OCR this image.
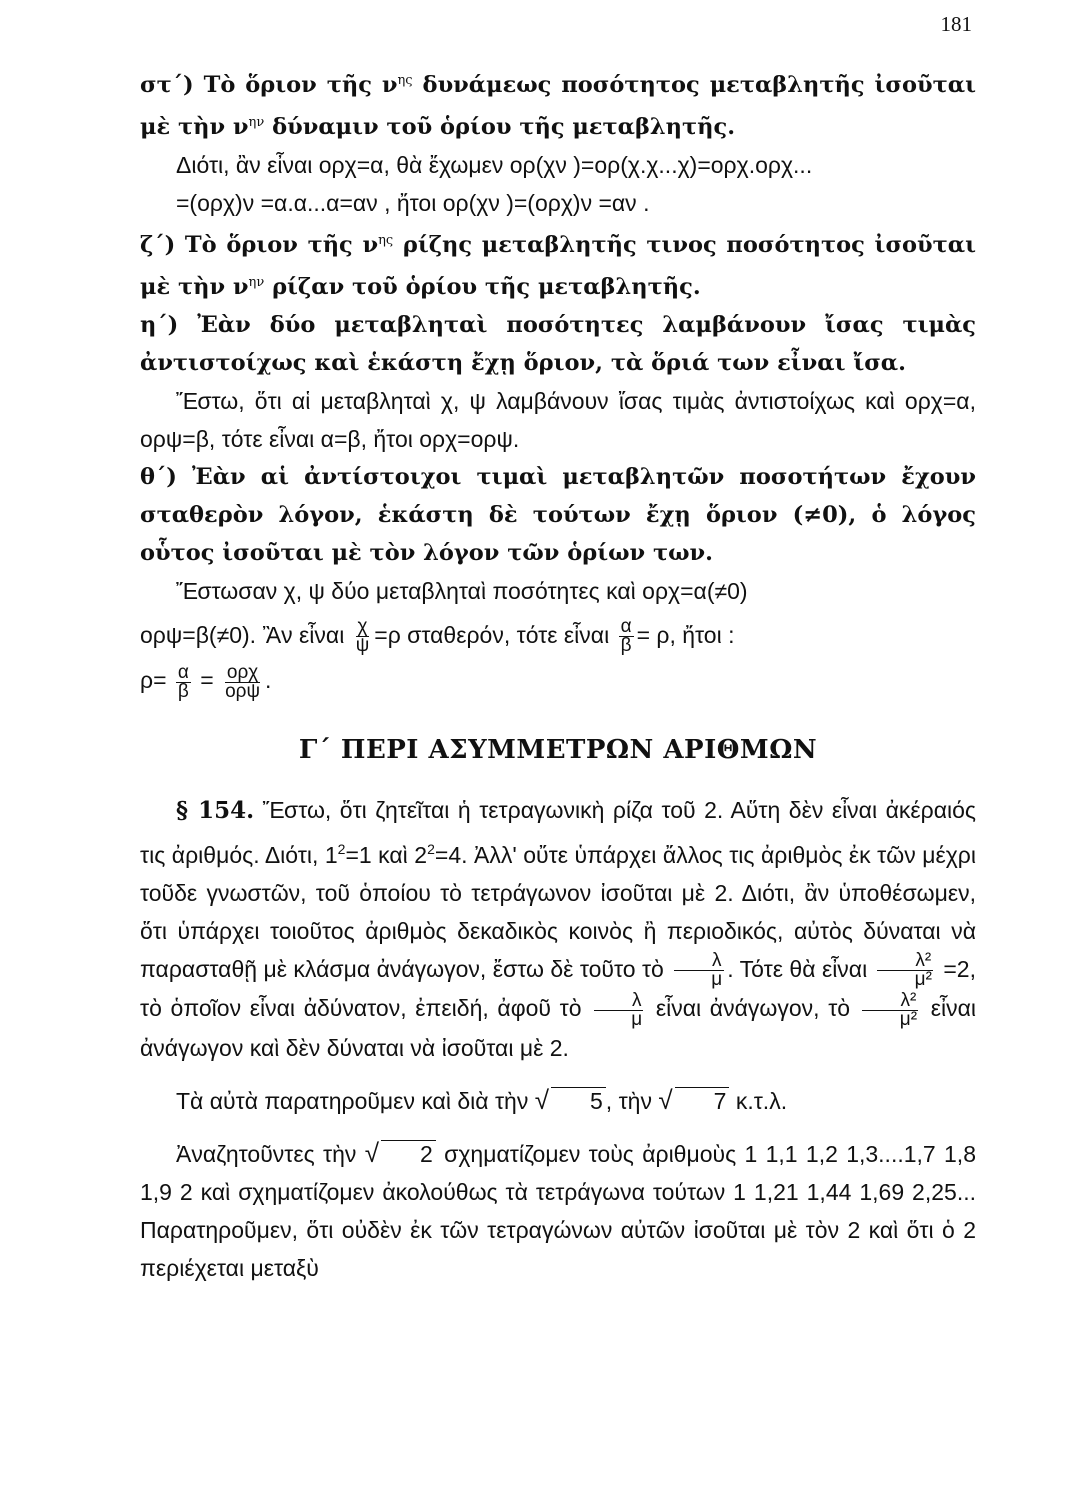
181

στ΄) Τὸ ὅριον τῆς $\nu^{\eta\varsigma}$ δυνάμεως ποσότητος μεταβλητῆς ἰσοῦται μὲ τὴν $\nu^{\eta\nu}$ δύναμιν τοῦ ὁρίου τῆς μεταβλητῆς.

Διότι, ἂν εἶναι ορχ=α, θὰ ἔχωμεν ορ(χν )=ορ(χ.χ...χ)=ορχ.ορχ...
=(ορχ)ν =α.α...α=αν , ἤτοι ορ(χν )=(ορχ)ν =αν .

ζ΄) Τὸ ὅριον τῆς $\nu^{\eta\varsigma}$ ρίζης μεταβλητῆς τινος ποσότητος ἰσοῦται μὲ τὴν $\nu^{\eta\nu}$ ρίζαν τοῦ ὁρίου τῆς μεταβλητῆς.

η΄) Ἐὰν δύο μεταβληταὶ ποσότητες λαμβάνουν ἴσας τιμὰς ἀντιστοίχως καὶ ἑκάστη ἔχῃ ὅριον, τὰ ὅριά των εἶναι ἴσα.

Ἔστω, ὅτι αἱ μεταβληταὶ χ, ψ λαμβάνουν ἴσας τιμὰς ἀντιστοίχως καὶ ορχ=α, ορψ=β, τότε εἶναι α=β, ἤτοι ορχ=ορψ.

θ΄) Ἐὰν αἱ ἀντίστοιχοι τιμαὶ μεταβλητῶν ποσοτήτων ἔχουν σταθερὸν λόγον, ἑκάστη δὲ τούτων ἔχῃ ὅριον (≠0), ὁ λόγος οὗτος ἰσοῦται μὲ τὸν λόγον τῶν ὁρίων των.

Ἔστωσαν χ, ψ δύο μεταβληταὶ ποσότητες καὶ ορχ=α(≠0)
ορψ=β(≠0). Ἂν εἶναι $\frac{\chi}{\psi} =\rho$ σταθερόν, τότε εἶναι $\frac{\alpha}{\beta} = \rho$, ἤτοι :
$\rho= \frac{\alpha}{\beta} = \frac{\text{ορχ}}{\text{ορψ}}$ .
Γ΄ ΠΕΡΙ ΑΣΥΜΜΕΤΡΩΝ ΑΡΙΘΜΩΝ

§ 154. Ἔστω, ὅτι ζητεῖται ἡ τετραγωνικὴ ρίζα τοῦ 2. Αὕτη δὲν εἶναι ἀκέραιός τις ἀριθμός. Διότι, $1^2=1$ καὶ $2^2=4$. Ἀλλ' οὔτε ὑπάρχει ἄλλος τις ἀριθμὸς ἐκ τῶν μέχρι τοῦδε γνωστῶν, τοῦ ὁποίου τὸ τετράγωνον ἰσοῦται μὲ 2. Διότι, ἂν ὑποθέσωμεν, ὅτι ὑπάρχει τοιοῦτος ἀριθμὸς δεκαδικὸς κοινὸς ἢ περιοδικός, αὐτὸς δύναται νὰ παρασταθῇ μὲ κλάσμα ἀνάγωγον, ἔστω δὲ τοῦτο τὸ $\frac{\lambda}{\mu}$ . Τότε θὰ εἶναι $\frac{\text{λ²}}{\text{μ²}} =2$, τὸ ὁποῖον εἶναι ἀδύνατον, ἐπειδή, ἀφοῦ τὸ $\frac{\lambda}{\mu}$ εἶναι ἀνάγωγον, τὸ $\frac{\text{λ²}}{\text{μ²}}$ εἶναι ἀνάγωγον καὶ δὲν δύναται νὰ ἰσοῦται μὲ 2.

Τὰ αὐτὰ παρατηροῦμεν καὶ διὰ τὴν √ 5 , τὴν √ 7 κ.τ.λ.

Ἀναζητοῦντες τὴν √ 2 σχηματίζομεν τοὺς ἀριθμοὺς 1 1,1 1,2 1,3....1,7 1,8 1,9 2 καὶ σχηματίζομεν ἀκολούθως τὰ τετράγωνα τούτων 1 1,21 1,44 1,69 2,25... Παρατηροῦμεν, ὅτι οὐδὲν ἐκ τῶν τετραγώνων αὐτῶν ἰσοῦται μὲ τὸν 2 καὶ ὅτι ὁ 2 περιέχεται μεταξὺ
